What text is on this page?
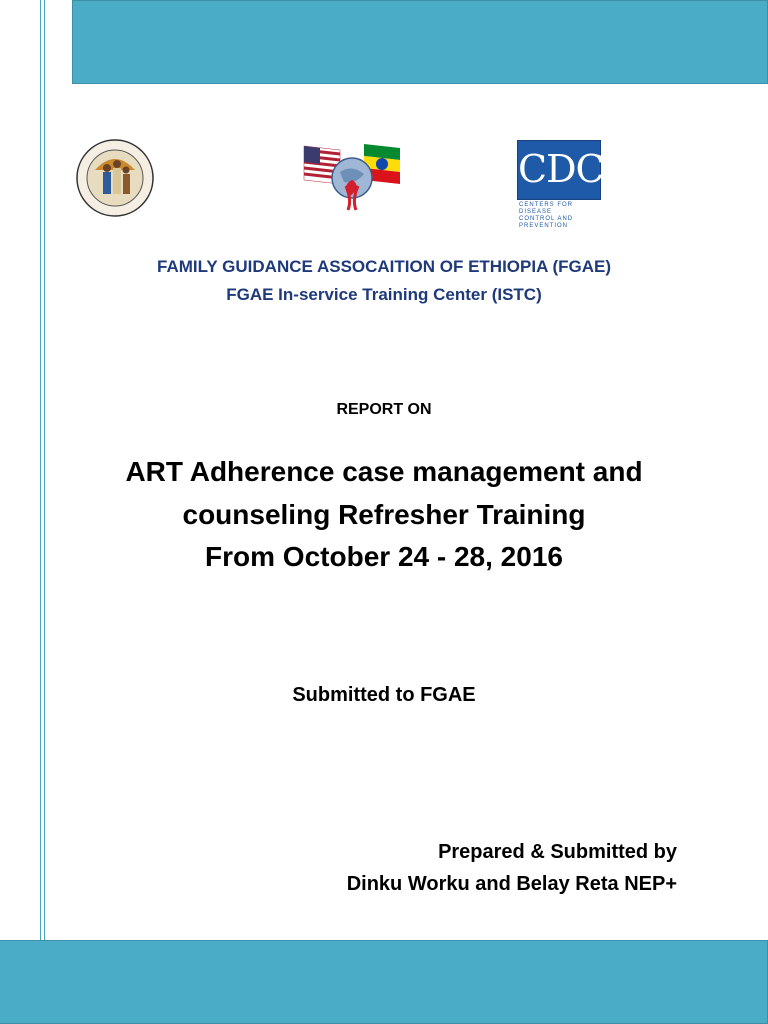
CDC
CENTERS FOR DISEASE
CONTROL AND PREVENTION
FAMILY GUIDANCE ASSOCAITION OF ETHIOPIA (FGAE)
FGAE In-service Training Center (ISTC)
REPORT ON
ART Adherence case management and
counseling Refresher Training
From October 24 - 28, 2016
Submitted to FGAE
Prepared & Submitted by
Dinku Worku and Belay Reta NEP+
